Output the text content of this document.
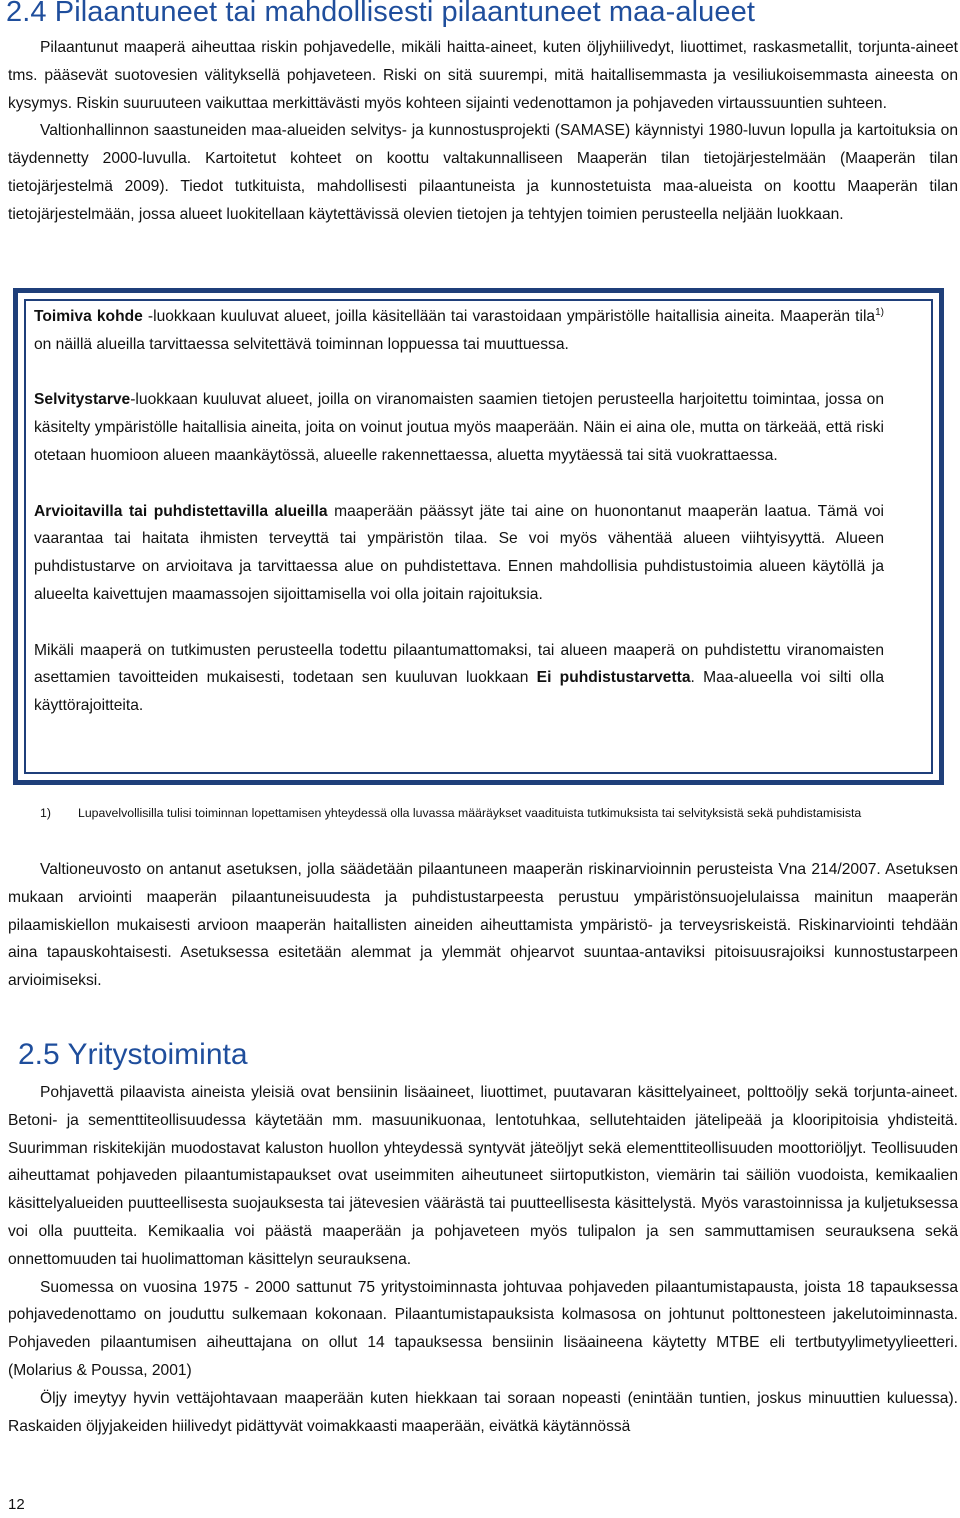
2.4 Pilaantuneet tai mahdollisesti pilaantuneet maa-alueet

Pilaantunut maaperä aiheuttaa riskin pohjavedelle, mikäli haitta-aineet, kuten öljyhiilivedyt, liuottimet, raskasmetallit, torjunta-aineet tms. pääsevät suotovesien välityksellä pohjaveteen. Riski on sitä suurempi, mitä haitallisemmasta ja vesiliukoisemmasta aineesta on kysymys. Riskin suuruuteen vaikuttaa merkittävästi myös kohteen sijainti vedenottamon ja pohjaveden virtaussuuntien suhteen.

Valtionhallinnon saastuneiden maa-alueiden selvitys- ja kunnostusprojekti (SAMASE) käynnistyi 1980-luvun lopulla ja kartoituksia on täydennetty 2000-luvulla. Kartoitetut kohteet on koottu valtakunnalliseen Maaperän tilan tietojärjestelmään (Maaperän tilan tietojärjestelmä 2009). Tiedot tutkituista, mahdollisesti pilaantuneista ja kunnostetuista maa-alueista on koottu Maaperän tilan tietojärjestelmään, jossa alueet luokitellaan käytettävissä olevien tietojen ja tehtyjen toimien perusteella neljään luokkaan.

Toimiva kohde -luokkaan kuuluvat alueet, joilla käsitellään tai varastoidaan ympäristölle haitallisia aineita. Maaperän tila$^{1)}$ on näillä alueilla tarvittaessa selvitettävä toiminnan loppuessa tai muuttuessa.

Selvitystarve-luokkaan kuuluvat alueet, joilla on viranomaisten saamien tietojen perusteella harjoitettu toimintaa, jossa on käsitelty ympäristölle haitallisia aineita, joita on voinut joutua myös maaperään. Näin ei aina ole, mutta on tärkeää, että riski otetaan huomioon alueen maankäytössä, alueelle rakennettaessa, aluetta myytäessä tai sitä vuokrattaessa.

Arvioitavilla tai puhdistettavilla alueilla maaperään päässyt jäte tai aine on huonontanut maaperän laatua. Tämä voi vaarantaa tai haitata ihmisten terveyttä tai ympäristön tilaa. Se voi myös vähentää alueen viihtyisyyttä. Alueen puhdistustarve on arvioitava ja tarvittaessa alue on puhdistettava. Ennen mahdollisia puhdistustoimia alueen käytöllä ja alueelta kaivettujen maamassojen sijoittamisella voi olla joitain rajoituksia.

Mikäli maaperä on tutkimusten perusteella todettu pilaantumattomaksi, tai alueen maaperä on puhdistettu viranomaisten asettamien tavoitteiden mukaisesti, todetaan sen kuuluvan luokkaan Ei puhdistustarvetta. Maa-alueella voi silti olla käyttörajoitteita.

1) Lupavelvollisilla tulisi toiminnan lopettamisen yhteydessä olla luvassa määräykset vaadituista tutkimuksista tai selvityksistä sekä puhdistamisista

Valtioneuvosto on antanut asetuksen, jolla säädetään pilaantuneen maaperän riskinarvioinnin perusteista Vna 214/2007. Asetuksen mukaan arviointi maaperän pilaantuneisuudesta ja puhdistustarpeesta perustuu ympäristönsuojelulaissa mainitun maaperän pilaamiskiellon mukaisesti arvioon maaperän haitallisten aineiden aiheuttamista ympäristö- ja terveysriskeistä. Riskinarviointi tehdään aina tapauskohtaisesti. Asetuksessa esitetään alemmat ja ylemmät ohjearvot suuntaa-antaviksi pitoisuusrajoiksi kunnostustarpeen arvioimiseksi.

2.5 Yritystoiminta

Pohjavettä pilaavista aineista yleisiä ovat bensiinin lisäaineet, liuottimet, puutavaran käsittelyaineet, polttoöljy sekä torjunta-aineet. Betoni- ja sementtiteollisuudessa käytetään mm. masuunikuonaa, lentotuhkaa, sellutehtaiden jätelipeää ja klooripitoisia yhdisteitä. Suurimman riskitekijän muodostavat kaluston huollon yhteydessä syntyvät jäteöljyt sekä elementtiteollisuuden moottoriöljyt. Teollisuuden aiheuttamat pohjaveden pilaantumistapaukset ovat useimmiten aiheutuneet siirtoputkiston, viemärin tai säiliön vuodoista, kemikaalien käsittelyalueiden puutteellisesta suojauksesta tai jätevesien väärästä tai puutteellisesta käsittelystä. Myös varastoinnissa ja kuljetuksessa voi olla puutteita. Kemikaalia voi päästä maaperään ja pohjaveteen myös tulipalon ja sen sammuttamisen seurauksena sekä onnettomuuden tai huolimattoman käsittelyn seurauksena.

Suomessa on vuosina 1975 - 2000 sattunut 75 yritystoiminnasta johtuvaa pohjaveden pilaantumistapausta, joista 18 tapauksessa pohjavedenottamo on jouduttu sulkemaan kokonaan. Pilaantumistapauksista kolmasosa on johtunut polttonesteen jakelutoiminnasta. Pohjaveden pilaantumisen aiheuttajana on ollut 14 tapauksessa bensiinin lisäaineena käytetty MTBE eli tertbutyylimetyylieetteri. (Molarius & Poussa, 2001)

Öljy imeytyy hyvin vettäjohtavaan maaperään kuten hiekkaan tai soraan nopeasti (enintään tuntien, joskus minuuttien kuluessa). Raskaiden öljyjakeiden hiilivedyt pidättyvät voimakkaasti maaperään, eivätkä käytännössä

12
